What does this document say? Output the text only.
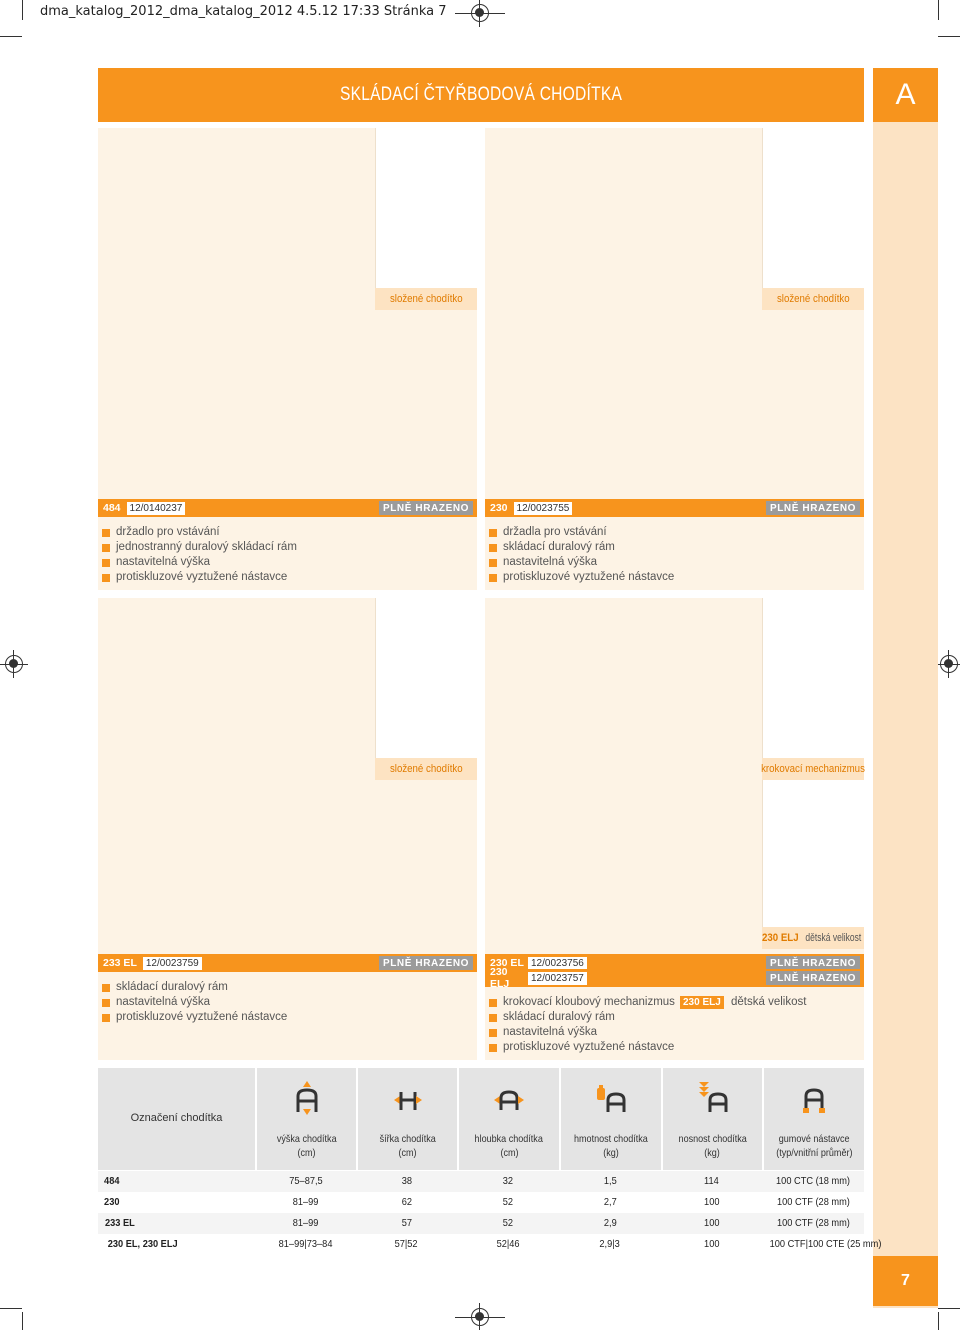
dma_katalog_2012_dma_katalog_2012 4.5.12 17:33 Stránka 7
A
7
SKLÁDACÍ ČTYŘBODOVÁ CHODÍTKA
složené chodítko
484 12/0140237	PLNĚ HRAZENO
držadlo pro vstávání
jednostranný duralový skládací rám
nastavitelná výška
protiskluzové vyztužené nástavce
složené chodítko
230 12/0023755	PLNĚ HRAZENO
držadla pro vstávání
skládací duralový rám
nastavitelná výška
protiskluzové vyztužené nástavce
složené chodítko
233 EL 12/0023759	PLNĚ HRAZENO
skládací duralový rám
nastavitelná výška
protiskluzové vyztužené nástavce
krokovací mechanizmus
230 ELJ dětská velikost
230 EL 12/0023756	PLNĚ HRAZENO
230 ELJ	12/0023757	PLNĚ HRAZENO
krokovací kloubový mechanizmus
skládací duralový rám
nastavitelná výška
protiskluzové vyztužené nástavce
230 ELJ dětská velikost
Označení chodítka
výška chodítka
(cm)
šířka chodítka
(cm)
hloubka chodítka
(cm)
hmotnost chodítka
(kg)
nosnost chodítka
(kg)
gumové nástavce
(typ/vnitřní průměr)
484	75–87,5	38	32	1,5	114	100 CTC (18 mm)
230	81–99	62	52	2,7	100	100 CTF (28 mm)
233 EL	81–99	57	52	2,9	100	100 CTF (28 mm)
230 EL, 230 ELJ	81–99|73–84	57|52	52|46	2,9|3	100	100 CTF|100 CTE (25 mm)
